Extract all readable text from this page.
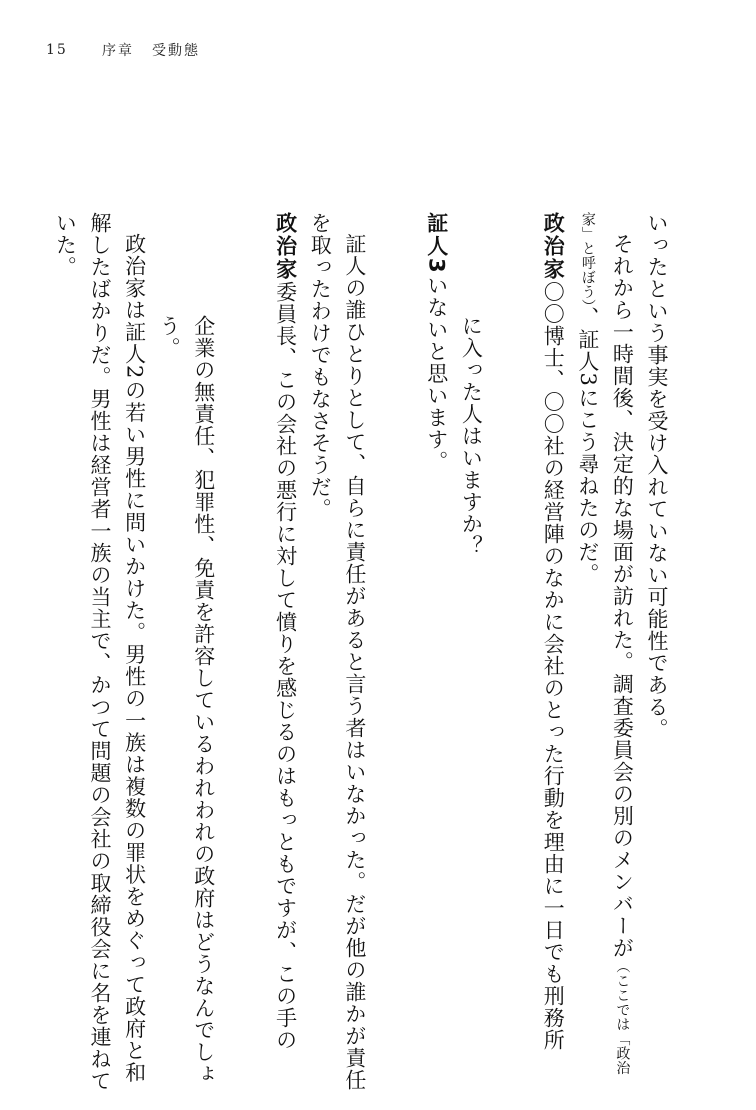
15	序章 受動態

いったという事実を受け入れていない可能性である。

それから一時間後、決定的な場面が訪れた。調査委員会の別のメンバーが（ここでは「政治家」と呼ぼう）、証人3にこう尋ねたのだ。

政治家〇〇博士、〇〇社の経営陣のなかに会社のとった行動を理由に一日でも刑務所
に入った人はいますか？
証人3いないと思います。

証人の誰ひとりとして、自らに責任があると言う者はいなかった。だが他の誰かが責任を取ったわけでもなさそうだ。

政治家委員長、この会社の悪行に対して憤りを感じるのはもっともですが、この手の
企業の無責任、犯罪性、免責を許容しているわれわれの政府はどうなんでしょ
う。

政治家は証人2の若い男性に問いかけた。男性の一族は複数の罪状をめぐって政府と和解したばかりだ。男性は経営者一族の当主で、かつて問題の会社の取締役会に名を連ねていた。
